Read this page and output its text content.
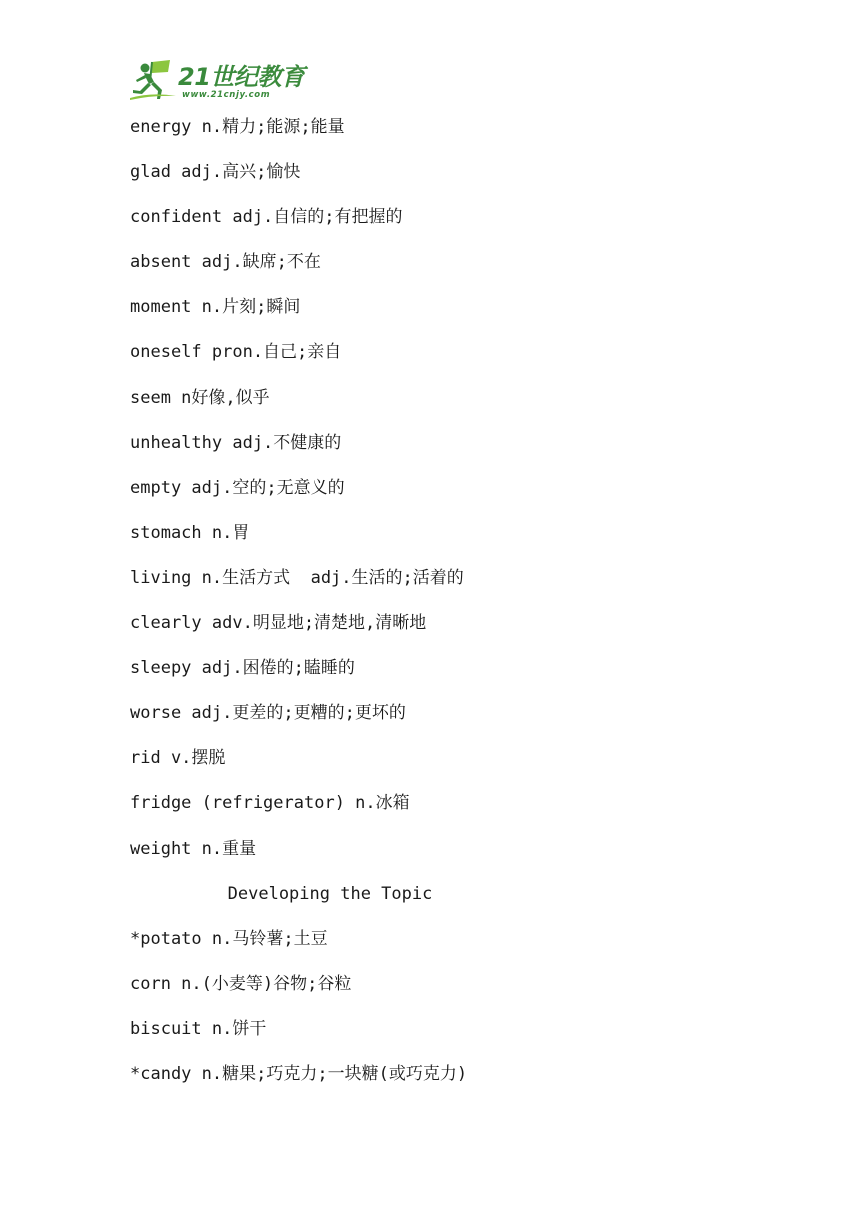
21世纪教育
www.21cnjy.com
energy n.精力;能源;能量
glad adj.高兴;愉快
confident adj.自信的;有把握的
absent adj.缺席;不在
moment n.片刻;瞬间
oneself pron.自己;亲自
seem n好像,似乎
unhealthy adj.不健康的
empty adj.空的;无意义的
stomach n.胃
living n.生活方式  adj.生活的;活着的
clearly adv.明显地;清楚地,清晰地
sleepy adj.困倦的;瞌睡的
worse adj.更差的;更糟的;更坏的
rid v.摆脱
fridge (refrigerator) n.冰箱
weight n.重量
Developing the Topic
*potato n.马铃薯;土豆
corn n.(小麦等)谷物;谷粒
biscuit n.饼干
*candy n.糖果;巧克力;一块糖(或巧克力)
